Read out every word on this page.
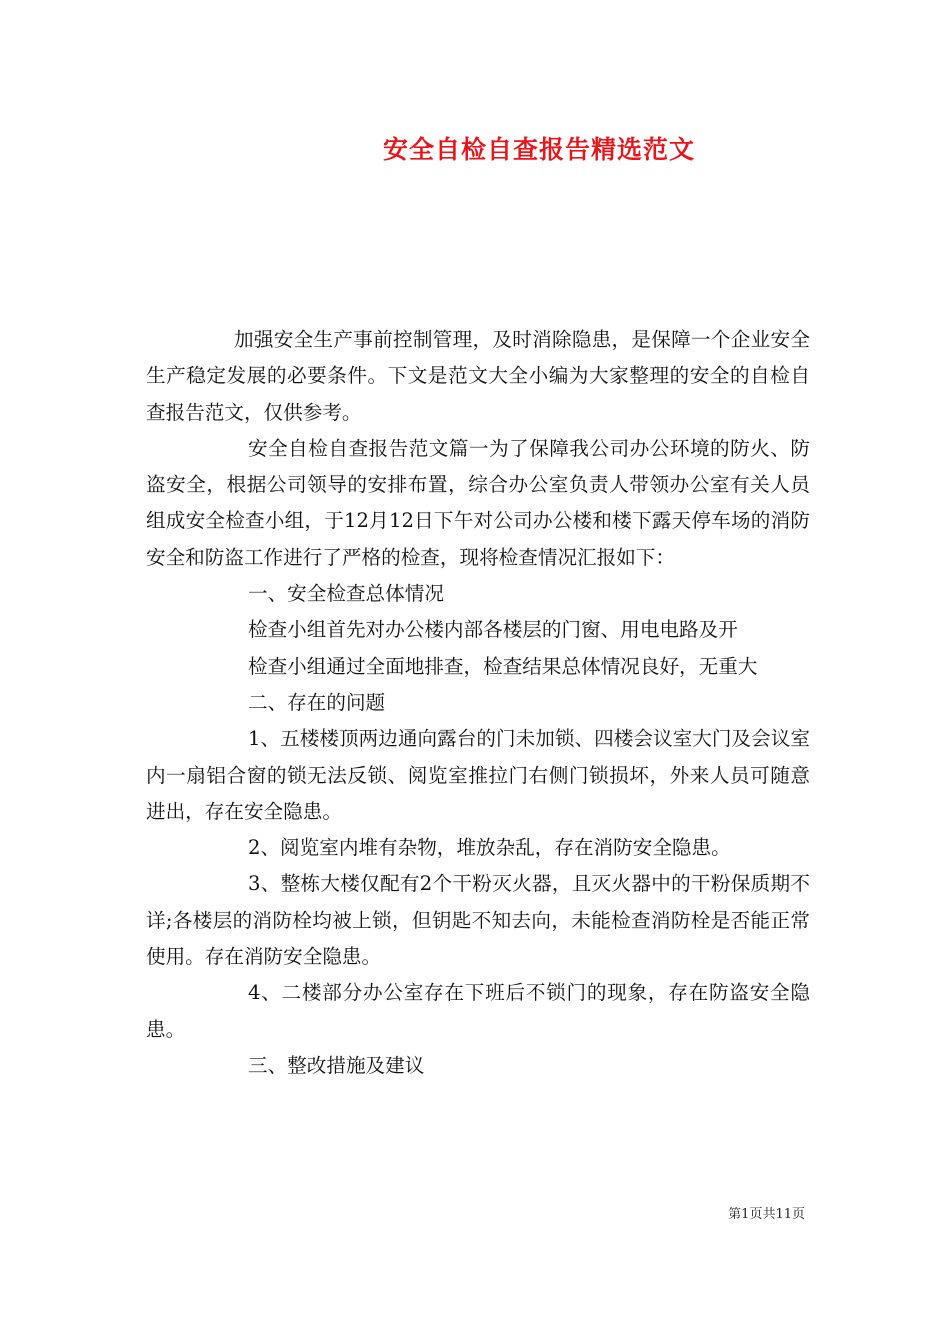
安全自检自查报告精选范文

加强安全生产事前控制管理，及时消除隐患，是保障一个企业安全生产稳定发展的必要条件。下文是范文大全小编为大家整理的安全的自检自查报告范文，仅供参考。

安全自检自查报告范文篇一为了保障我公司办公环境的防火、防盗安全，根据公司领导的安排布置，综合办公室负责人带领办公室有关人员组成安全检查小组，于12月12日下午对公司办公楼和楼下露天停车场的消防安全和防盗工作进行了严格的检查，现将检查情况汇报如下：

一、安全检查总体情况

检查小组首先对办公楼内部各楼层的门窗、用电电路及开

检查小组通过全面地排查，检查结果总体情况良好，无重大

二、存在的问题

1、五楼楼顶两边通向露台的门未加锁、四楼会议室大门及会议室内一扇铝合窗的锁无法反锁、阅览室推拉门右侧门锁损坏，外来人员可随意进出，存在安全隐患。

2、阅览室内堆有杂物，堆放杂乱，存在消防安全隐患。

3、整栋大楼仅配有2个干粉灭火器，且灭火器中的干粉保质期不详;各楼层的消防栓均被上锁，但钥匙不知去向，未能检查消防栓是否能正常使用。存在消防安全隐患。

4、二楼部分办公室存在下班后不锁门的现象，存在防盗安全隐患。

三、整改措施及建议

第1页共11页
